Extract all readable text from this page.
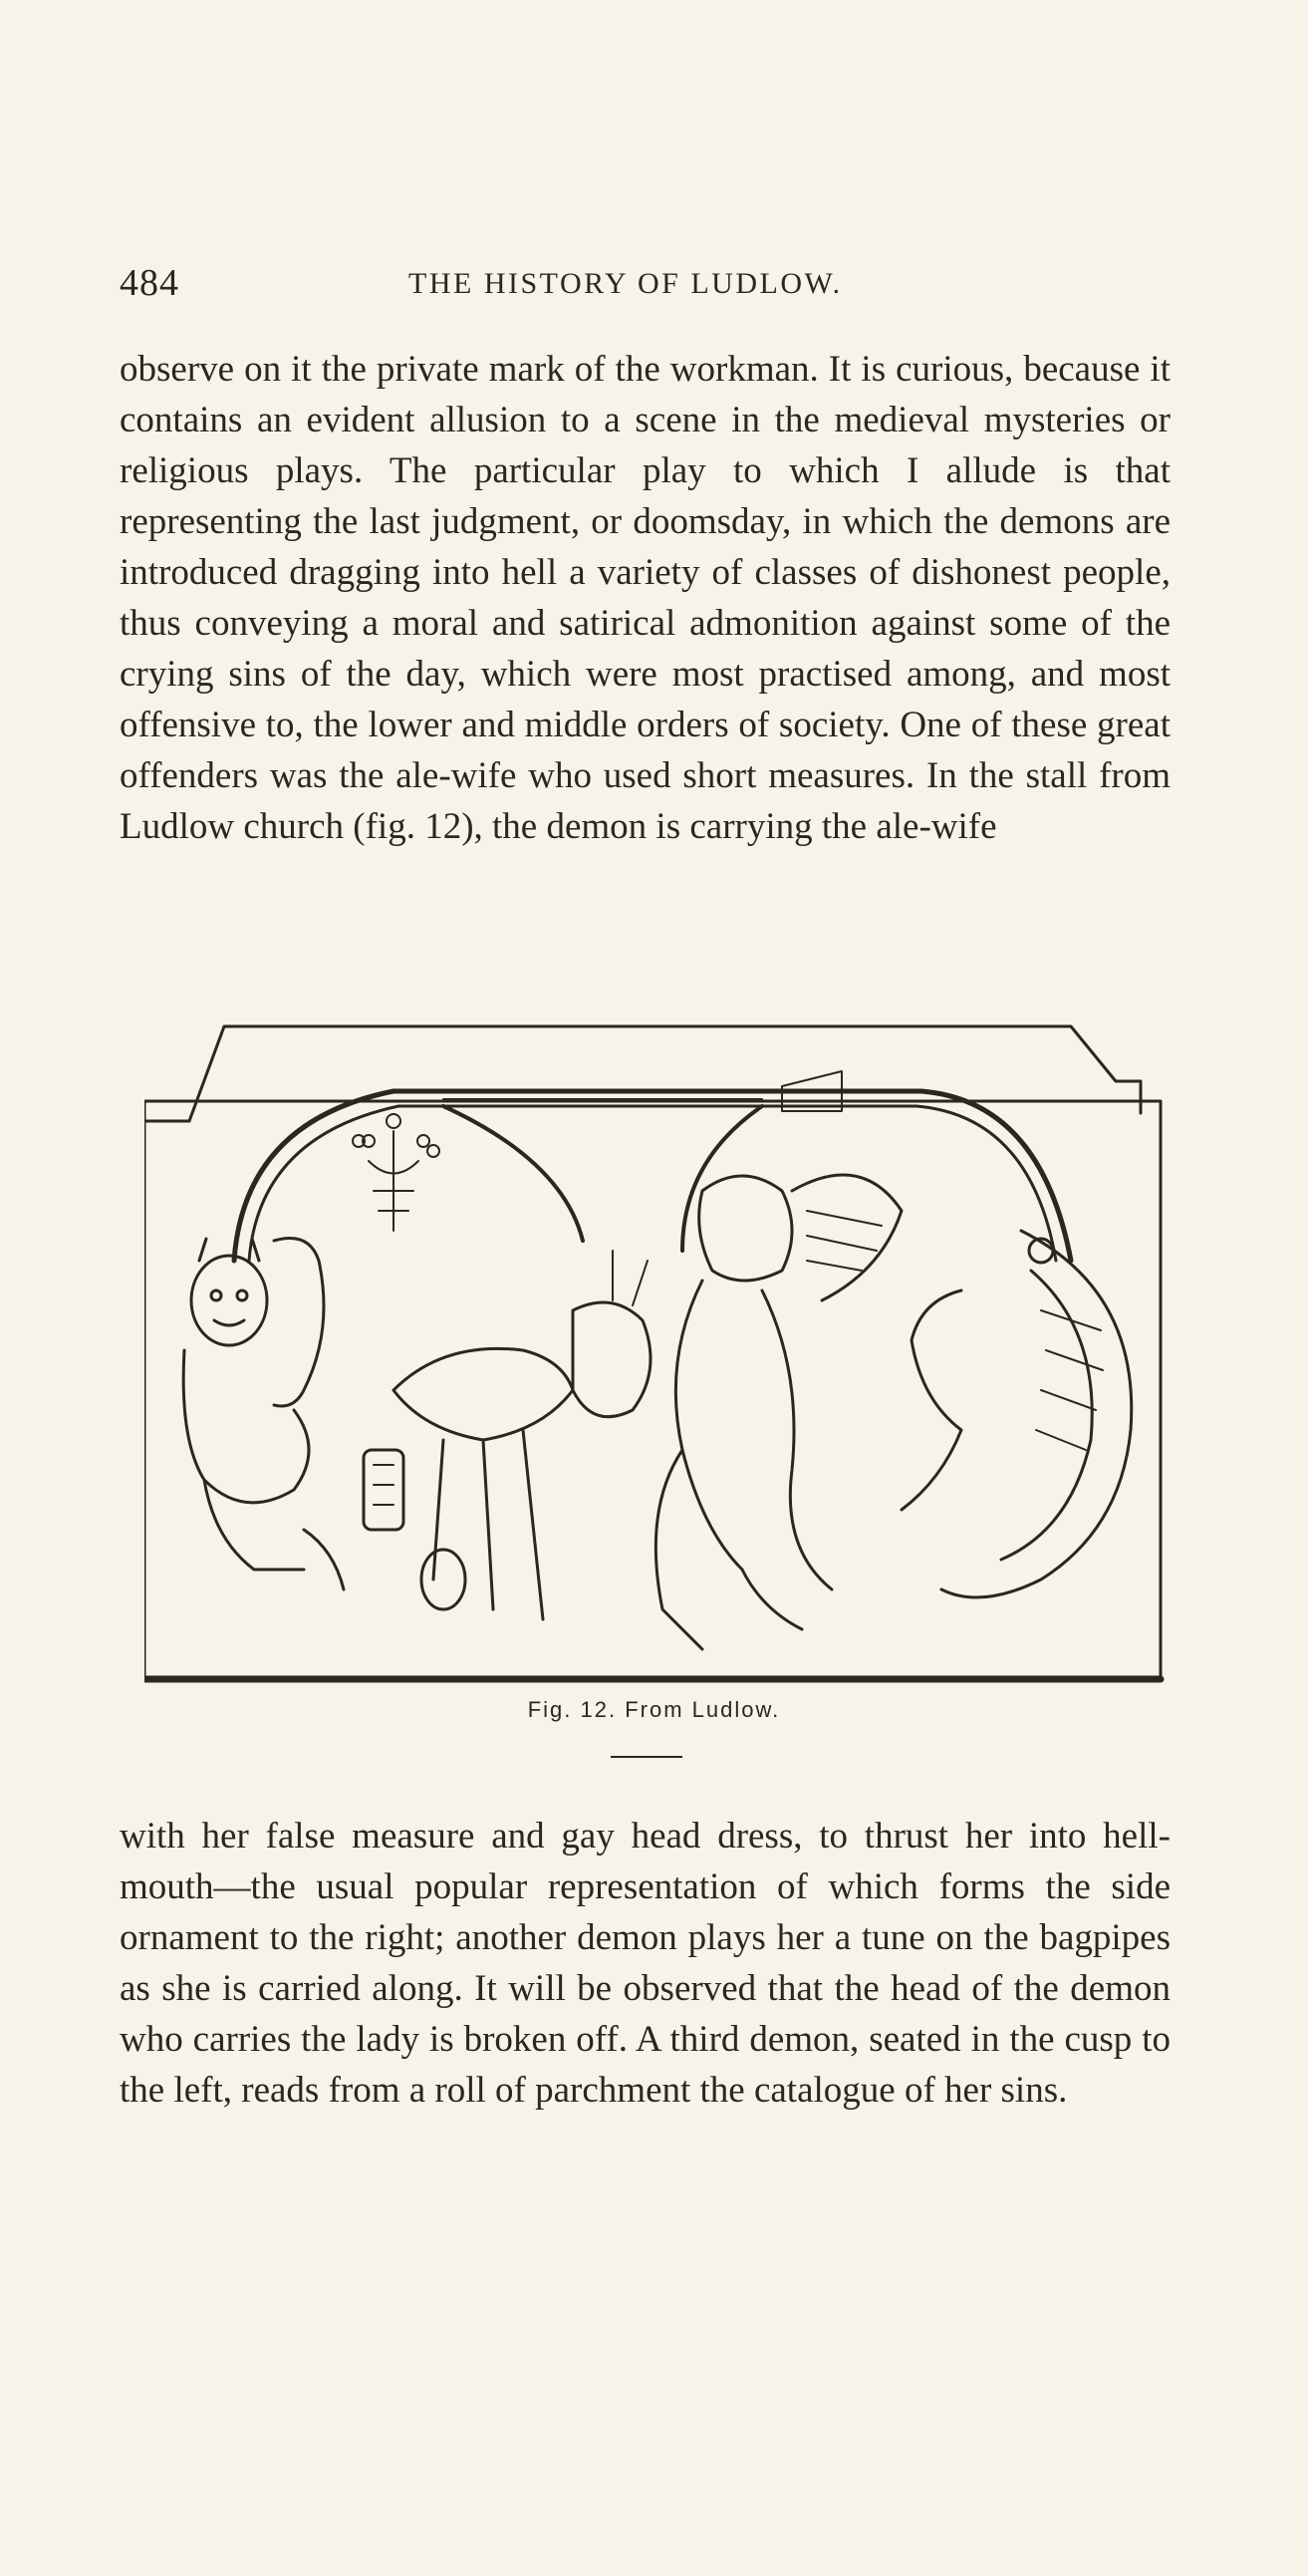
484	THE HISTORY OF LUDLOW.

observe on it the private mark of the workman. It is curious, because it contains an evident allusion to a scene in the medieval mysteries or religious plays. The particular play to which I allude is that representing the last judgment, or doomsday, in which the demons are introduced dragging into hell a variety of classes of dishonest people, thus conveying a moral and satirical admonition against some of the crying sins of the day, which were most practised among, and most offensive to, the lower and middle orders of society. One of these great offenders was the ale-wife who used short measures. In the stall from Ludlow church (fig. 12), the demon is carrying the ale-wife

Fig. 12. From Ludlow.

with her false measure and gay head dress, to thrust her into hell-mouth—the usual popular representation of which forms the side ornament to the right; another demon plays her a tune on the bagpipes as she is carried along. It will be observed that the head of the demon who carries the lady is broken off. A third demon, seated in the cusp to the left, reads from a roll of parchment the catalogue of her sins.
